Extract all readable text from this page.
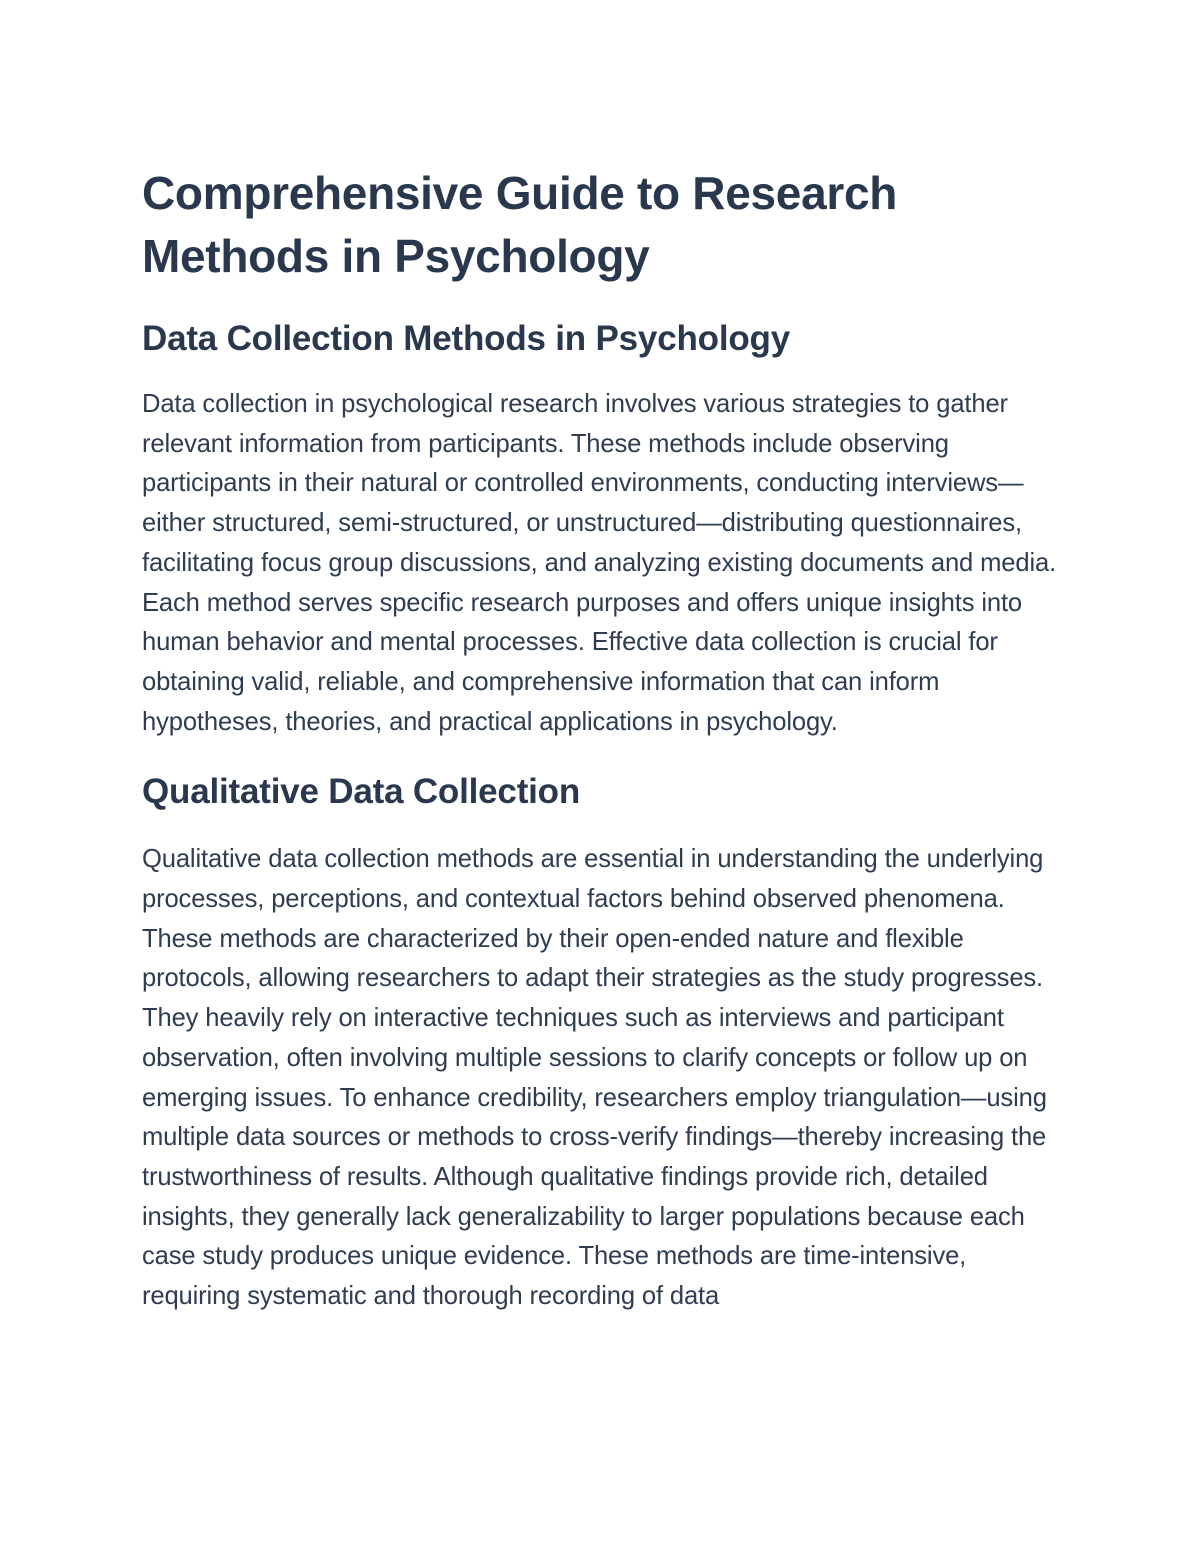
Comprehensive Guide to Research Methods in Psychology
Data Collection Methods in Psychology

Data collection in psychological research involves various strategies to gather relevant information from participants. These methods include observing participants in their natural or controlled environments, conducting interviews—either structured, semi-structured, or unstructured—distributing questionnaires, facilitating focus group discussions, and analyzing existing documents and media. Each method serves specific research purposes and offers unique insights into human behavior and mental processes. Effective data collection is crucial for obtaining valid, reliable, and comprehensive information that can inform hypotheses, theories, and practical applications in psychology.

Qualitative Data Collection

Qualitative data collection methods are essential in understanding the underlying processes, perceptions, and contextual factors behind observed phenomena. These methods are characterized by their open-ended nature and flexible protocols, allowing researchers to adapt their strategies as the study progresses. They heavily rely on interactive techniques such as interviews and participant observation, often involving multiple sessions to clarify concepts or follow up on emerging issues. To enhance credibility, researchers employ triangulation—using multiple data sources or methods to cross-verify findings—thereby increasing the trustworthiness of results. Although qualitative findings provide rich, detailed insights, they generally lack generalizability to larger populations because each case study produces unique evidence. These methods are time-intensive, requiring systematic and thorough recording of data
